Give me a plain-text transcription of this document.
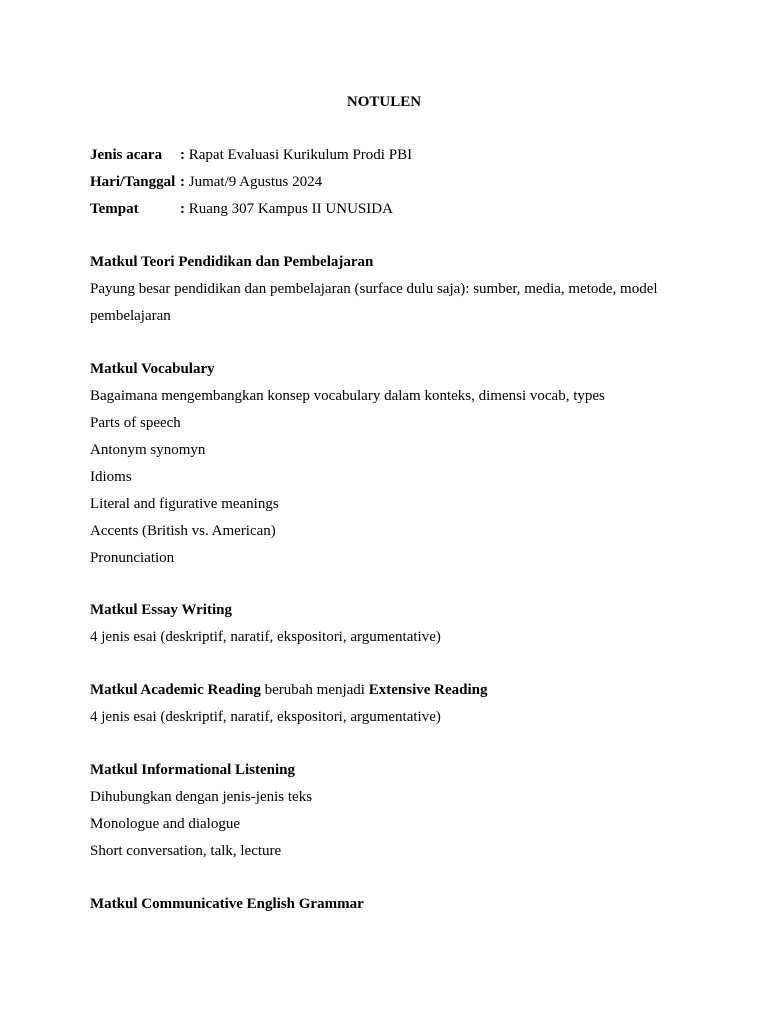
NOTULEN
Jenis acara : Rapat Evaluasi Kurikulum Prodi PBI
Hari/Tanggal : Jumat/9 Agustus 2024
Tempat	: Ruang 307 Kampus II UNUSIDA
Matkul Teori Pendidikan dan Pembelajaran
Payung besar pendidikan dan pembelajaran (surface dulu saja): sumber, media, metode, model pembelajaran
Matkul Vocabulary
Bagaimana mengembangkan konsep vocabulary dalam konteks, dimensi vocab, types
Parts of speech
Antonym synomyn
Idioms
Literal and figurative meanings
Accents (British vs. American)
Pronunciation
Matkul Essay Writing
4 jenis esai (deskriptif, naratif, ekspositori, argumentative)
Matkul Academic Reading berubah menjadi Extensive Reading
4 jenis esai (deskriptif, naratif, ekspositori, argumentative)
Matkul Informational Listening
Dihubungkan dengan jenis-jenis teks
Monologue and dialogue
Short conversation, talk, lecture
Matkul Communicative English Grammar
